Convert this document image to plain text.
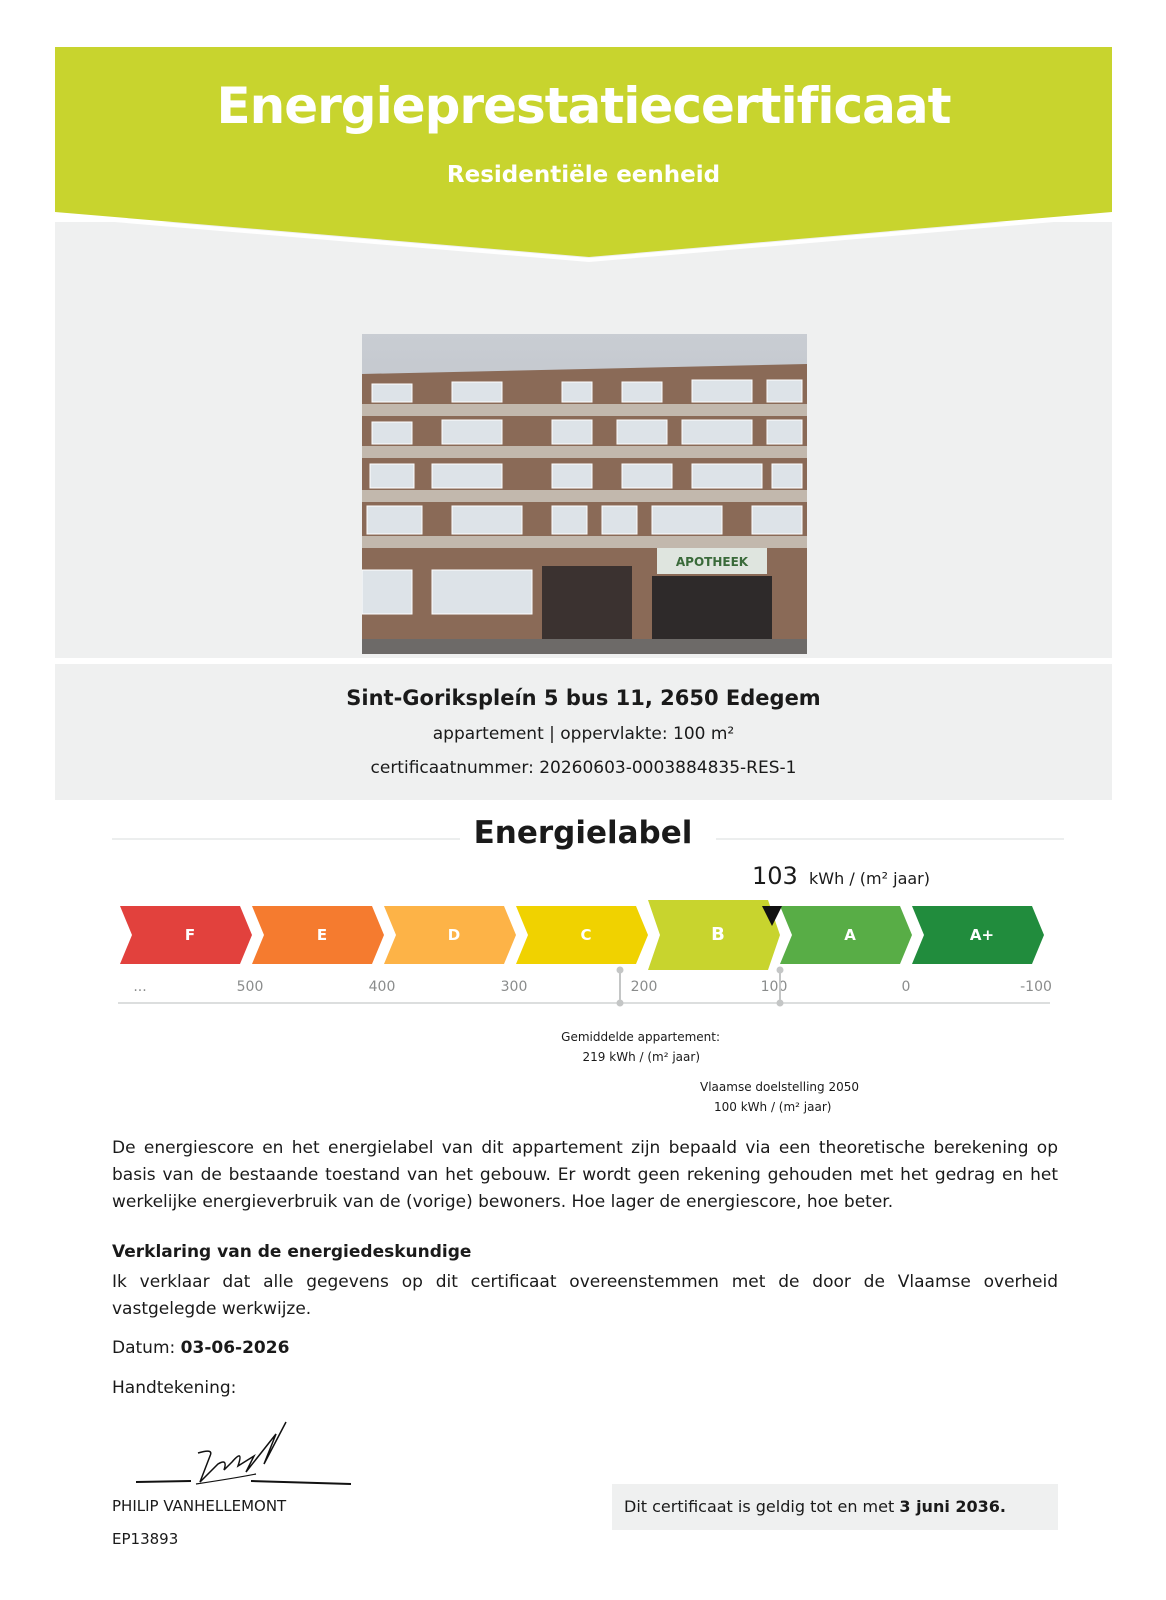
Energieprestatiecertificaat
Residentiële eenheid
APOTHEEK
Sint-Gorikspleín 5 bus 11, 2650 Edegem
appartement | oppervlakte: 100 m²
certificaatnummer: 20260603-0003884835-RES-1
Energielabel
103 kWh / (m² jaar)
F	E	D	C	B	A	A+
...	500	400	300	200	100	0	-100
Gemiddelde appartement:
219 kWh / (m² jaar)
Vlaamse doelstelling 2050
100 kWh / (m² jaar)
De energiescore en het energielabel van dit appartement zijn bepaald via een theoretische berekening op basis van de bestaande toestand van het gebouw. Er wordt geen rekening gehouden met het gedrag en het werkelijke energieverbruik van de (vorige) bewoners. Hoe lager de energiescore, hoe beter.
Verklaring van de energiedeskundige
Ik verklaar dat alle gegevens op dit certificaat overeenstemmen met de door de Vlaamse overheid vastgelegde werkwijze.
Datum: 03-06-2026
Handtekening:
PHILIP VANHELLEMONT
EP13893
Dit certificaat is geldig tot en met 3 juni 2036.
